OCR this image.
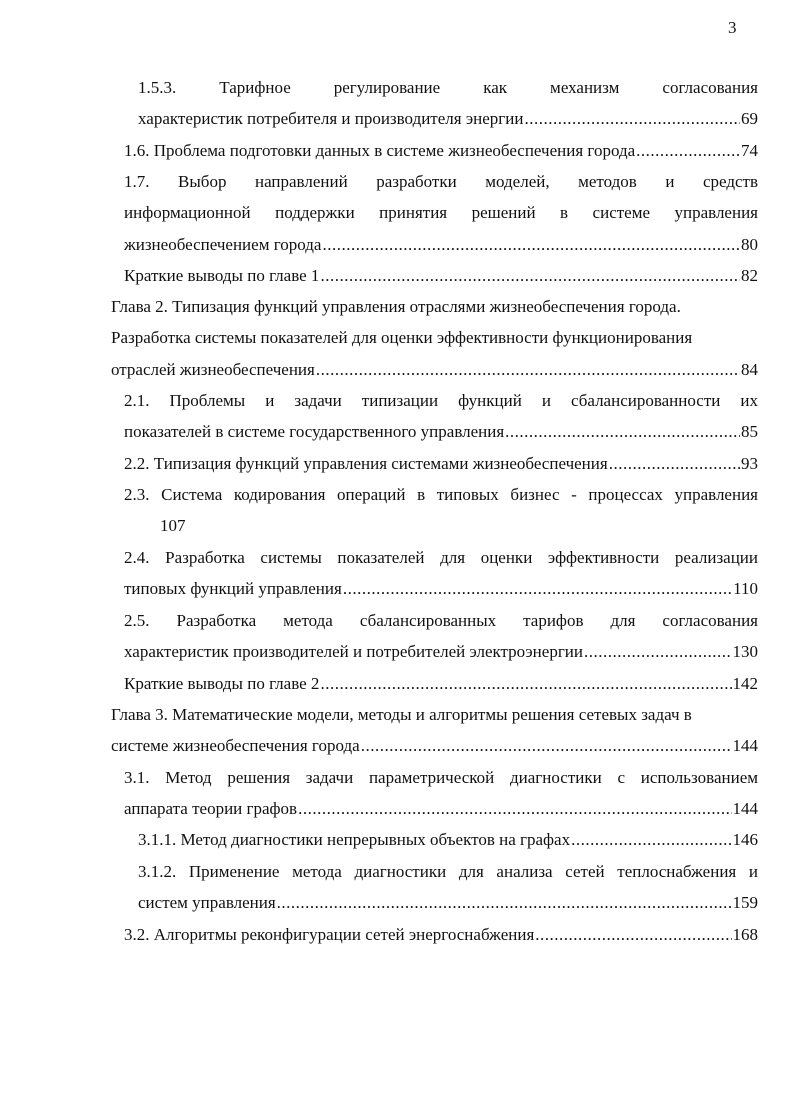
3
1.5.3. Тарифное регулирование как механизм согласования
характеристик потребителя и производителя энергии .....	69
1.6. Проблема подготовки данных в системе жизнеобеспечения города .....	74
1.7. Выбор направлений разработки моделей, методов и средств
информационной поддержки принятия решений в системе управления
жизнеобеспечением города .....	80
Краткие выводы по главе 1 .....	82
Глава 2. Типизация функций управления отраслями жизнеобеспечения города.
Разработка системы показателей для оценки эффективности функционирования
отраслей жизнеобеспечения .....	84
2.1. Проблемы и задачи типизации функций и сбалансированности их
показателей в системе государственного управления .....	85
2.2. Типизация функций управления системами жизнеобеспечения .....	93
2.3. Система кодирования операций в типовых бизнес - процессах управления
107
2.4. Разработка системы показателей для оценки эффективности реализации
типовых функций управления .....	110
2.5. Разработка метода сбалансированных тарифов для согласования
характеристик производителей и потребителей электроэнергии .....	130
Краткие выводы по главе 2 .....	142
Глава 3. Математические модели, методы и алгоритмы решения сетевых задач в
системе жизнеобеспечения города .....	144
3.1. Метод решения задачи параметрической диагностики с использованием
аппарата теории графов .....	144
3.1.1. Метод диагностики непрерывных объектов на графах .....	146
3.1.2. Применение метода диагностики для анализа сетей теплоснабжения и
систем управления .....	159
3.2. Алгоритмы реконфигурации сетей энергоснабжения .....	168
